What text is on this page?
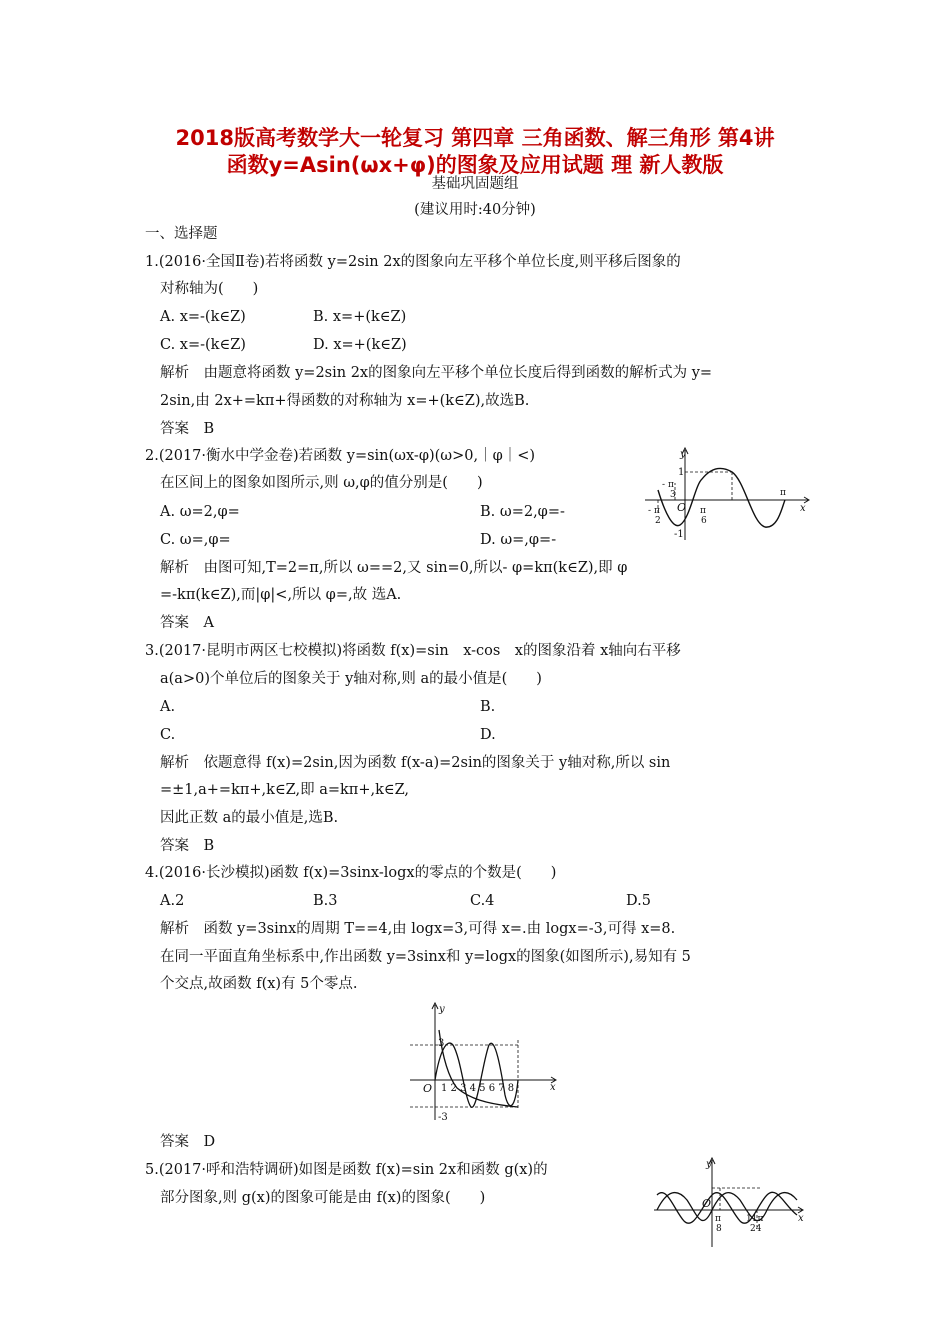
2018版高考数学大一轮复习 第四章 三角函数、解三角形 第4讲
函数y=Asin(ωx+φ)的图象及应用试题 理 新人教版
基础巩固题组
(建议用时:40分钟)
一、选择题
1.(2016·全国Ⅱ卷)若将函数 y=2sin 2x的图象向左平移个单位长度,则平移后图象的
对称轴为(　　)
A. x=-(k∈Z)	B. x=+(k∈Z)
C. x=-(k∈Z)	D. x=+(k∈Z)
解析　由题意将函数 y=2sin 2x的图象向左平移个单位长度后得到函数的解析式为 y=
2sin,由 2x+=kπ+得函数的对称轴为 x=+(k∈Z),故选B.
答案　B
2.(2017·衡水中学金卷)若函数 y=sin(ωx-φ)(ω>0,｜φ｜<)
在区间上的图象如图所示,则 ω,φ的值分别是(　　)
A. ω=2,φ=	B. ω=2,φ=-
C. ω=,φ=	D. ω=,φ=-
解析　由图可知,T=2=π,所以 ω==2,又 sin=0,所以- φ=kπ(k∈Z),即 φ
=-kπ(k∈Z),而|φ|<,所以 φ=,故 选A.
答案　A
y
x
O
1
-1
π
-
3
π
-
2
π
6
π
3.(2017·昆明市两区七校模拟)将函数 f(x)=sin　x-cos　x的图象沿着 x轴向右平移
a(a>0)个单位后的图象关于 y轴对称,则 a的最小值是(　　)
A.	B.
C.	D.
解析　依题意得 f(x)=2sin,因为函数 f(x-a)=2sin的图象关于 y轴对称,所以 sin
=±1,a+=kπ+,k∈Z,即 a=kπ+,k∈Z,
因此正数 a的最小值是,选B.
答案　B
4.(2016·长沙模拟)函数 f(x)=3sinx-logx的零点的个数是(　　)
A.2	B.3	C.4	D.5
解析　函数 y=3sinx的周期 T==4,由 logx=3,可得 x=.由 logx=-3,可得 x=8.
在同一平面直角坐标系中,作出函数 y=3sinx和 y=logx的图象(如图所示),易知有 5
个交点,故函数 f(x)有 5个零点.
y
x
O
3
-3
1 2 3 4 5 6 7 8
答案　D
5.(2017·呼和浩特调研)如图是函数 f(x)=sin 2x和函数 g(x)的
部分图象,则 g(x)的图象可能是由 f(x)的图象(　　)
y
x
O
π
8
11π
24
